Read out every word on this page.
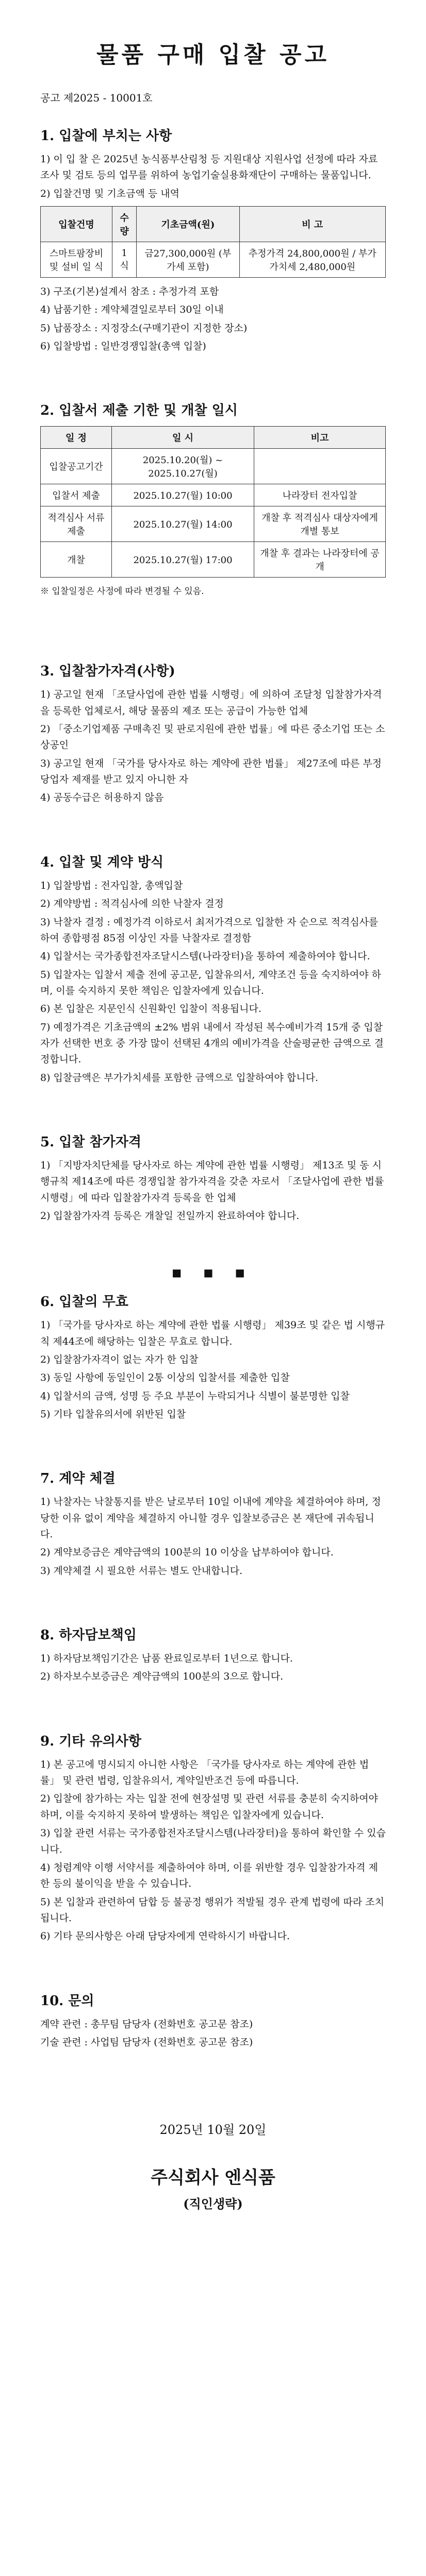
물품 구매 입찰 공고
공고 제2025 - 10001호
1. 입찰에 부치는 사항
1) 이 입 찰 은 2025년 농식품부산림청 등 지원대상 지원사업 선정에 따라 자료 조사 및 검토 등의 업무를 위하여 농업기술실용화재단이 구매하는 물품입니다.
2) 입찰건명 및 기초금액 등 내역
입찰건명	수량	기초금액(원)	비 고
스마트팜장비 및 설비 일 식	1식	금27,300,000원 (부가세 포함)	추정가격 24,800,000원 / 부가가치세 2,480,000원
3) 구조(기본)설계서 참조 : 추정가격 포함
4) 납품기한 : 계약체결일로부터 30일 이내
5) 납품장소 : 지정장소(구매기관이 지정한 장소)
6) 입찰방법 : 일반경쟁입찰(총액 입찰)
2. 입찰서 제출 기한 및 개찰 일시
일 정	일 시	비고
입찰공고기간	2025.10.20(월) ~ 2025.10.27(월)	
입찰서 제출	2025.10.27(월) 10:00	나라장터 전자입찰
적격심사 서류 제출	2025.10.27(월) 14:00	개찰 후 적격심사 대상자에게 개별 통보
개찰	2025.10.27(월) 17:00	개찰 후 결과는 나라장터에 공개
※ 입찰일정은 사정에 따라 변경될 수 있음.
3. 입찰참가자격(사항)
1) 공고일 현재 「조달사업에 관한 법률 시행령」에 의하여 조달청 입찰참가자격을 등록한 업체로서, 해당 물품의 제조 또는 공급이 가능한 업체
2) 「중소기업제품 구매촉진 및 판로지원에 관한 법률」에 따른 중소기업 또는 소상공인
3) 공고일 현재 「국가를 당사자로 하는 계약에 관한 법률」 제27조에 따른 부정당업자 제재를 받고 있지 아니한 자
4) 공동수급은 허용하지 않음
4. 입찰 및 계약 방식
1) 입찰방법 : 전자입찰, 총액입찰
2) 계약방법 : 적격심사에 의한 낙찰자 결정
3) 낙찰자 결정 : 예정가격 이하로서 최저가격으로 입찰한 자 순으로 적격심사를 하여 종합평점 85점 이상인 자를 낙찰자로 결정함
4) 입찰서는 국가종합전자조달시스템(나라장터)을 통하여 제출하여야 합니다.
5) 입찰자는 입찰서 제출 전에 공고문, 입찰유의서, 계약조건 등을 숙지하여야 하며, 이를 숙지하지 못한 책임은 입찰자에게 있습니다.
6) 본 입찰은 지문인식 신원확인 입찰이 적용됩니다.
7) 예정가격은 기초금액의 ±2% 범위 내에서 작성된 복수예비가격 15개 중 입찰자가 선택한 번호 중 가장 많이 선택된 4개의 예비가격을 산술평균한 금액으로 결정합니다.
8) 입찰금액은 부가가치세를 포함한 금액으로 입찰하여야 합니다.
5. 입찰 참가자격
1) 「지방자치단체를 당사자로 하는 계약에 관한 법률 시행령」 제13조 및 동 시행규칙 제14조에 따른 경쟁입찰 참가자격을 갖춘 자로서 「조달사업에 관한 법률 시행령」에 따라 입찰참가자격 등록을 한 업체
2) 입찰참가자격 등록은 개찰일 전일까지 완료하여야 합니다.
■ ■ ■
6. 입찰의 무효
1) 「국가를 당사자로 하는 계약에 관한 법률 시행령」 제39조 및 같은 법 시행규칙 제44조에 해당하는 입찰은 무효로 합니다.
2) 입찰참가자격이 없는 자가 한 입찰
3) 동일 사항에 동일인이 2통 이상의 입찰서를 제출한 입찰
4) 입찰서의 금액, 성명 등 주요 부분이 누락되거나 식별이 불분명한 입찰
5) 기타 입찰유의서에 위반된 입찰
7. 계약 체결
1) 낙찰자는 낙찰통지를 받은 날로부터 10일 이내에 계약을 체결하여야 하며, 정당한 이유 없이 계약을 체결하지 아니할 경우 입찰보증금은 본 재단에 귀속됩니다.
2) 계약보증금은 계약금액의 100분의 10 이상을 납부하여야 합니다.
3) 계약체결 시 필요한 서류는 별도 안내합니다.
8. 하자담보책임
1) 하자담보책임기간은 납품 완료일로부터 1년으로 합니다.
2) 하자보수보증금은 계약금액의 100분의 3으로 합니다.
9. 기타 유의사항
1) 본 공고에 명시되지 아니한 사항은 「국가를 당사자로 하는 계약에 관한 법률」 및 관련 법령, 입찰유의서, 계약일반조건 등에 따릅니다.
2) 입찰에 참가하는 자는 입찰 전에 현장설명 및 관련 서류를 충분히 숙지하여야 하며, 이를 숙지하지 못하여 발생하는 책임은 입찰자에게 있습니다.
3) 입찰 관련 서류는 국가종합전자조달시스템(나라장터)을 통하여 확인할 수 있습니다.
4) 청렴계약 이행 서약서를 제출하여야 하며, 이를 위반할 경우 입찰참가자격 제한 등의 불이익을 받을 수 있습니다.
5) 본 입찰과 관련하여 담합 등 불공정 행위가 적발될 경우 관계 법령에 따라 조치됩니다.
6) 기타 문의사항은 아래 담당자에게 연락하시기 바랍니다.
10. 문의
계약 관련 : 총무팀 담당자 (전화번호 공고문 참조)
기술 관련 : 사업팀 담당자 (전화번호 공고문 참조)
2025년 10월 20일
주식회사 엔식품
(직인생략)
